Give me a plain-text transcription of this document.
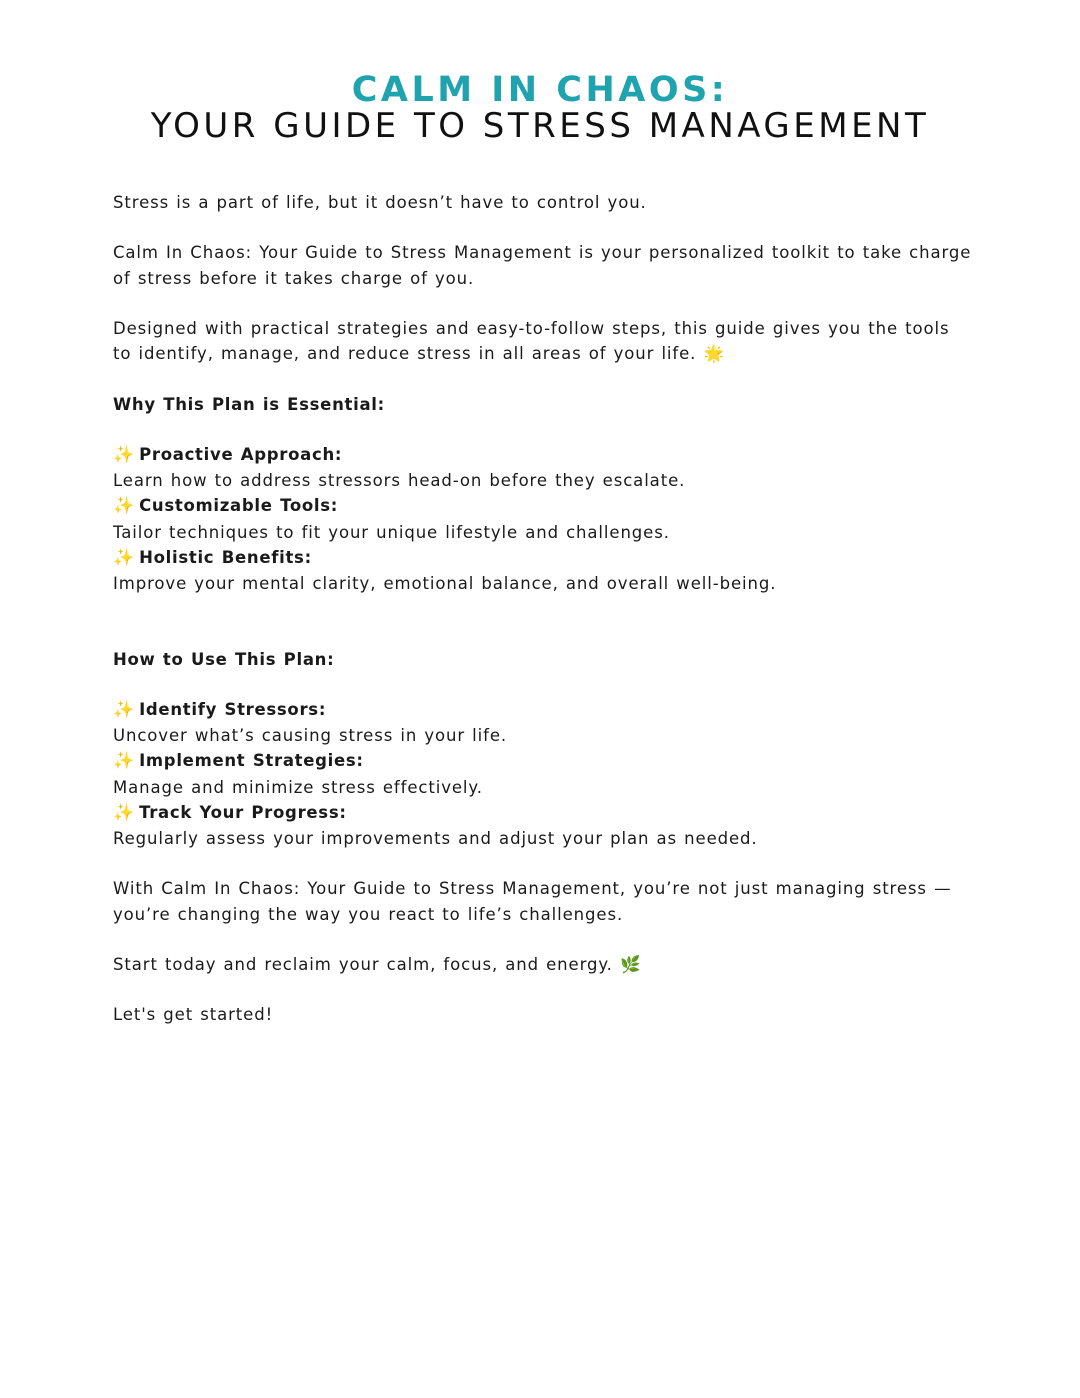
CALM IN CHAOS:
YOUR GUIDE TO STRESS MANAGEMENT

Stress is a part of life, but it doesn’t have to control you.

Calm In Chaos: Your Guide to Stress Management is your personalized toolkit to take charge of stress before it takes charge of you.

Designed with practical strategies and easy-to-follow steps, this guide gives you the tools to identify, manage, and reduce stress in all areas of your life. 🌟

Why This Plan is Essential:

✨ Proactive Approach:

Learn how to address stressors head-on before they escalate.

✨ Customizable Tools:

Tailor techniques to fit your unique lifestyle and challenges.

✨ Holistic Benefits:

Improve your mental clarity, emotional balance, and overall well-being.

How to Use This Plan:

✨ Identify Stressors:

Uncover what’s causing stress in your life.

✨ Implement Strategies:

Manage and minimize stress effectively.

✨ Track Your Progress:

Regularly assess your improvements and adjust your plan as needed.

With Calm In Chaos: Your Guide to Stress Management, you’re not just managing stress —you’re changing the way you react to life’s challenges.

Start today and reclaim your calm, focus, and energy. 🌿

Let's get started!
